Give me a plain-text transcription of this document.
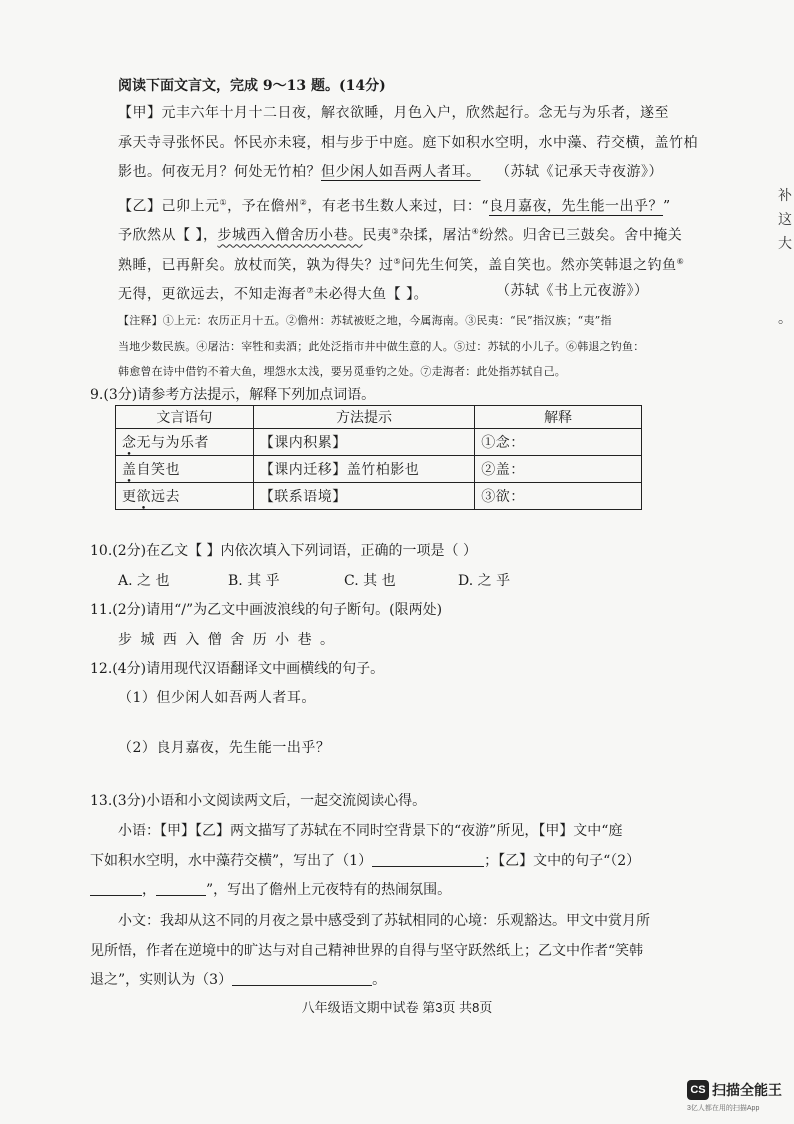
阅读下面文言文，完成 9～13 题。(14分)
【甲】元丰六年十月十二日夜，解衣欲睡，月色入户，欣然起行。念无与为乐者，遂至
承天寺寻张怀民。怀民亦未寝，相与步于中庭。庭下如积水空明，水中藻、荇交横，盖竹柏
影也。何夜无月？何处无竹柏？但少闲人如吾两人者耳。 （苏轼《记承天寺夜游》）
【乙】己卯上元①，予在儋州②，有老书生数人来过，曰：“良月嘉夜，先生能一出乎？”
予欣然从【 】，步城西入僧舍历小巷。民夷③杂揉，屠沽④纷然。归舍已三鼓矣。舍中掩关
熟睡，已再鼾矣。放杖而笑，孰为得失？过⑤问先生何笑，盖自笑也。然亦笑韩退之钓鱼⑥
无得，更欲远去，不知走海者⑦未必得大鱼【 】。	（苏轼《书上元夜游》）
【注释】①上元：农历正月十五。②儋州：苏轼被贬之地，今属海南。③民夷：“民”指汉族；“夷”指
当地少数民族。④屠沽：宰牲和卖酒；此处泛指市井中做生意的人。⑤过：苏轼的小儿子。⑥韩退之钓鱼：
韩愈曾在诗中借钓不着大鱼，埋怨水太浅，要另觅垂钓之处。⑦走海者：此处指苏轼自己。
9.(3分)请参考方法提示，解释下列加点词语。
文言语句	方法提示	解释
念无与为乐者	【课内积累】	①念：
盖自笑也	【课内迁移】盖竹柏影也	②盖：
更欲远去	【联系语境】	③欲：
10.(2分)在乙文【 】内依次填入下列词语，正确的一项是（ ）
A. 之 也	B. 其 乎	C. 其 也	D. 之 乎
11.(2分)请用“/”为乙文中画波浪线的句子断句。(限两处)
步 城 西 入 僧 舍 历 小 巷 。
12.(4分)请用现代汉语翻译文中画横线的句子。
（1）但少闲人如吾两人者耳。
（2）良月嘉夜，先生能一出乎？
13.(3分)小语和小文阅读两文后，一起交流阅读心得。
小语：【甲】【乙】两文描写了苏轼在不同时空背景下的“夜游”所见，【甲】文中“庭
下如积水空明，水中藻荇交横”，写出了（1）	；【乙】文中的句子“（2）
，	”，写出了儋州上元夜特有的热闹氛围。
小文：我却从这不同的月夜之景中感受到了苏轼相同的心境：乐观豁达。甲文中赏月所
见所悟，作者在逆境中的旷达与对自己精神世界的自得与坚守跃然纸上；乙文中作者“笑韩
退之”，实则认为（3）	。
八年级语文期中试卷 第3页 共8页
补
这
大
。
CS 扫描全能王
3亿人都在用的扫描App
